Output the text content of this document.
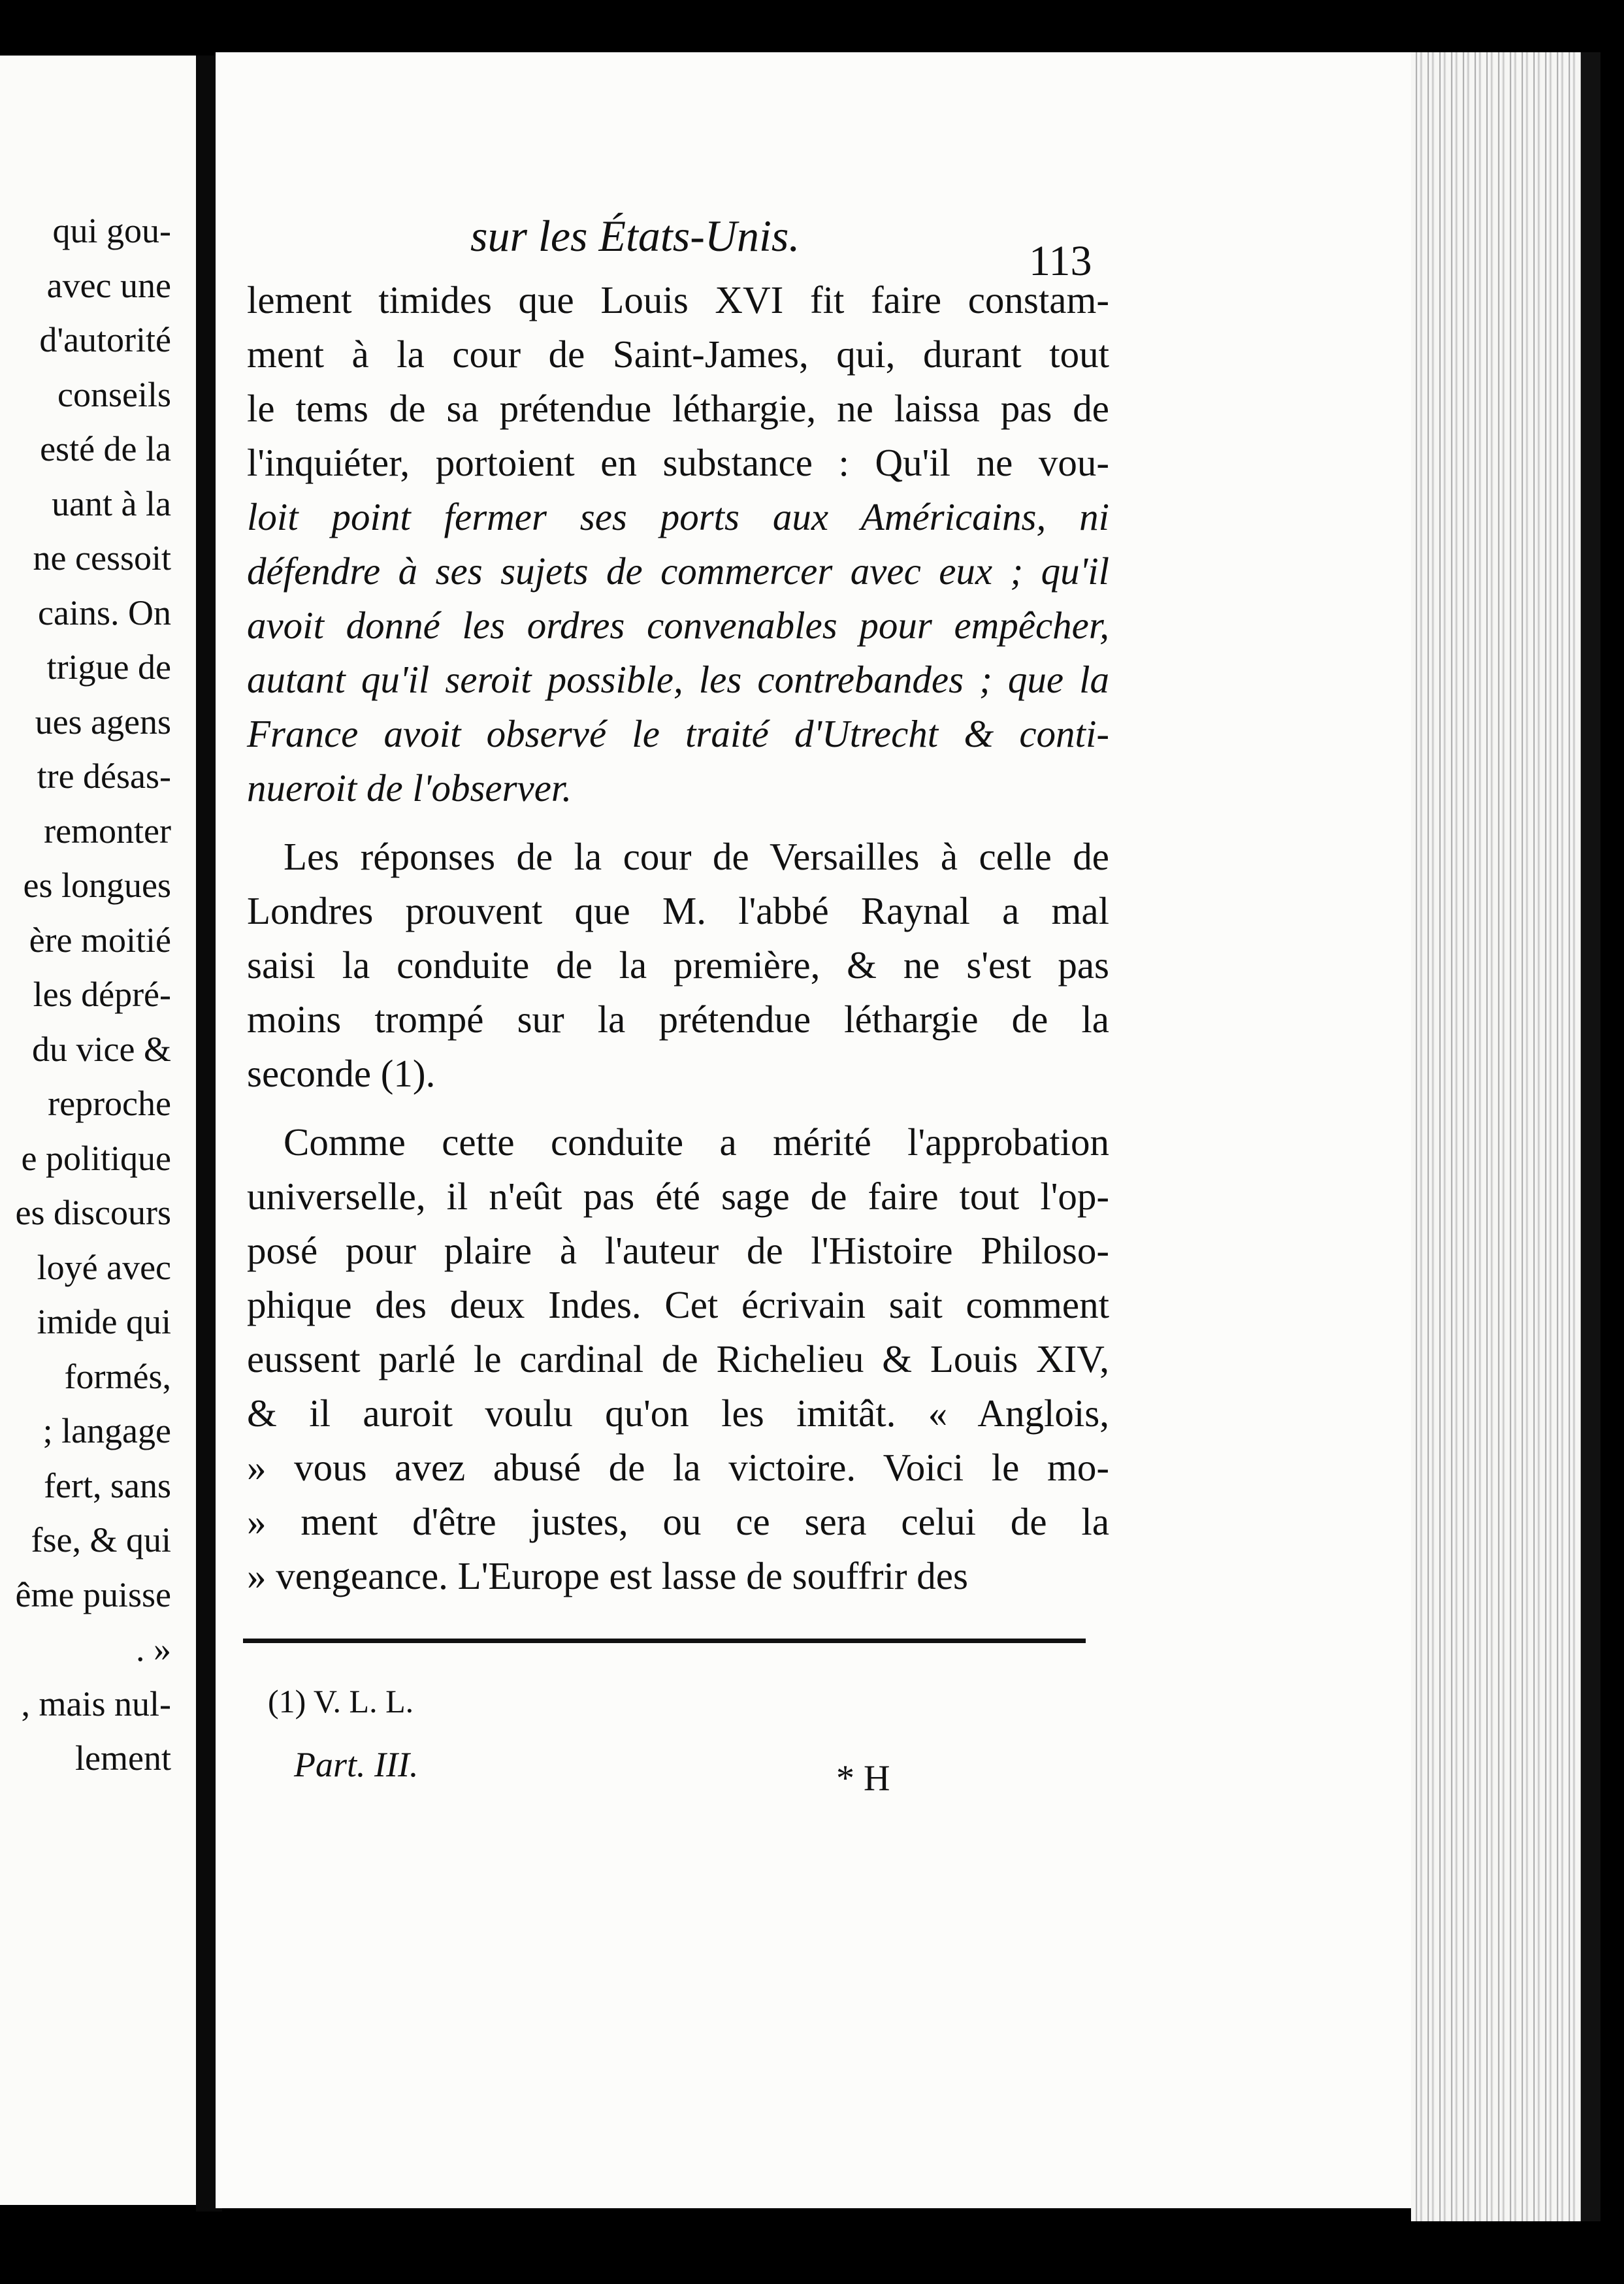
qui gou-
avec une
d'autorité
conseils
esté de la
uant à la
ne cessoit
cains. On
trigue de
ues agens
tre désas-
remonter
es longues
ère moitié
les dépré-
du vice &
reproche
e politique
es discours
loyé avec
imide qui
formés,
; langage
fert, sans
fse, & qui
ême puisse
. »
, mais nul-
lement
sur les États-Unis.
113
lement timides que Louis XVI fit faire constam-
ment à la cour de Saint-James, qui, durant tout
le tems de sa prétendue léthargie, ne laissa pas de
l'inquiéter, portoient en substance : Qu'il ne vou-
loit point fermer ses ports aux Américains, ni
défendre à ses sujets de commercer avec eux ; qu'il
avoit donné les ordres convenables pour empêcher,
autant qu'il seroit possible, les contrebandes ; que la
France avoit observé le traité d'Utrecht & conti-
nueroit de l'observer.
Les réponses de la cour de Versailles à celle de
Londres prouvent que M. l'abbé Raynal a mal
saisi la conduite de la première, & ne s'est pas
moins trompé sur la prétendue léthargie de la
seconde (1).
Comme cette conduite a mérité l'approbation
universelle, il n'eût pas été sage de faire tout l'op-
posé pour plaire à l'auteur de l'Histoire Philoso-
phique des deux Indes. Cet écrivain sait comment
eussent parlé le cardinal de Richelieu & Louis XIV,
& il auroit voulu qu'on les imitât. « Anglois,
» vous avez abusé de la victoire. Voici le mo-
» ment d'être justes, ou ce sera celui de la
» vengeance. L'Europe est lasse de souffrir des
(1) V. L. L.
Part. III.	* H
